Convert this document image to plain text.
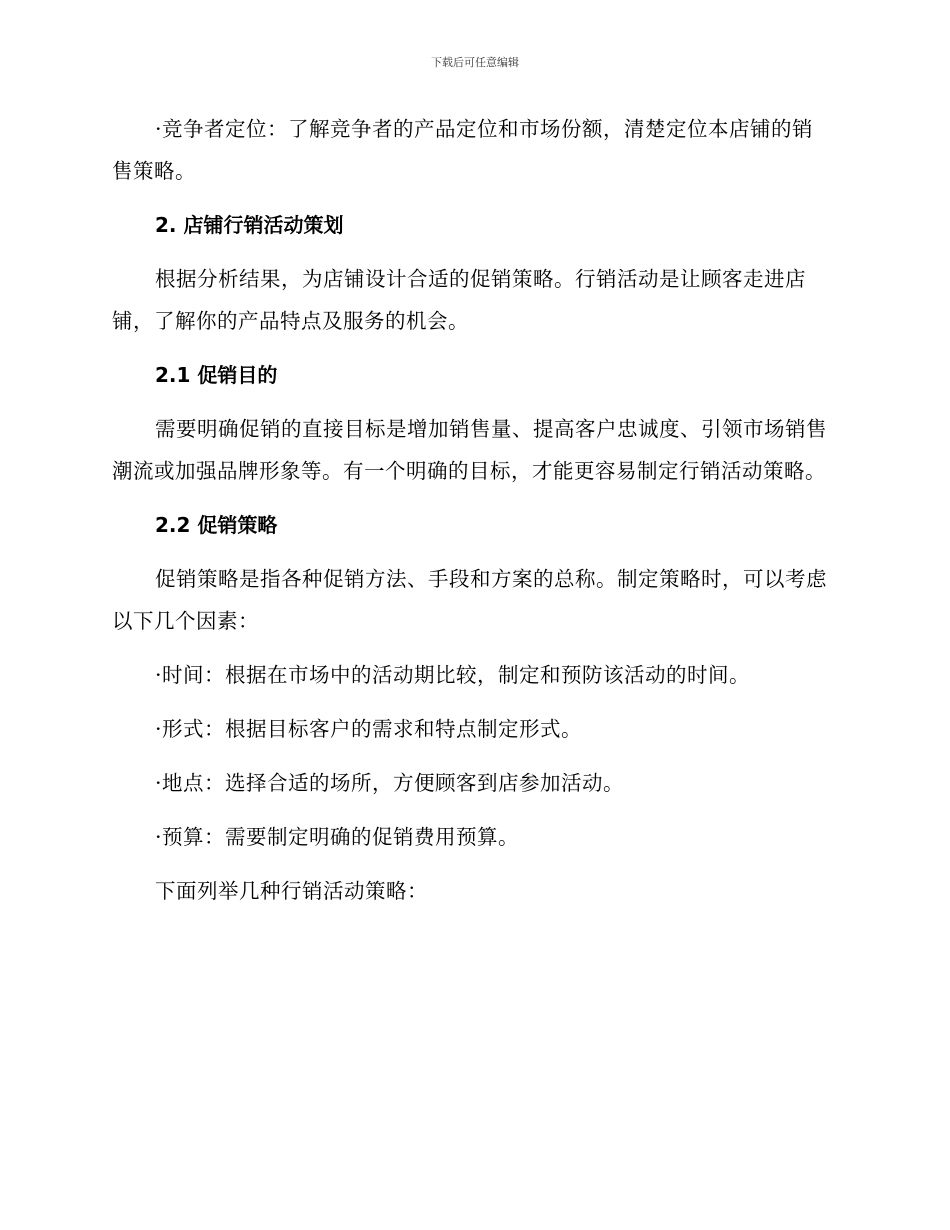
下载后可任意编辑

·竞争者定位：了解竞争者的产品定位和市场份额，清楚定位本店铺的销售策略。

2. 店铺行销活动策划

根据分析结果，为店铺设计合适的促销策略。行销活动是让顾客走进店铺，了解你的产品特点及服务的机会。

2.1 促销目的

需要明确促销的直接目标是增加销售量、提高客户忠诚度、引领市场销售潮流或加强品牌形象等。有一个明确的目标，才能更容易制定行销活动策略。

2.2 促销策略

促销策略是指各种促销方法、手段和方案的总称。制定策略时，可以考虑以下几个因素：

·时间：根据在市场中的活动期比较，制定和预防该活动的时间。
·形式：根据目标客户的需求和特点制定形式。
·地点：选择合适的场所，方便顾客到店参加活动。
·预算：需要制定明确的促销费用预算。
下面列举几种行销活动策略：
